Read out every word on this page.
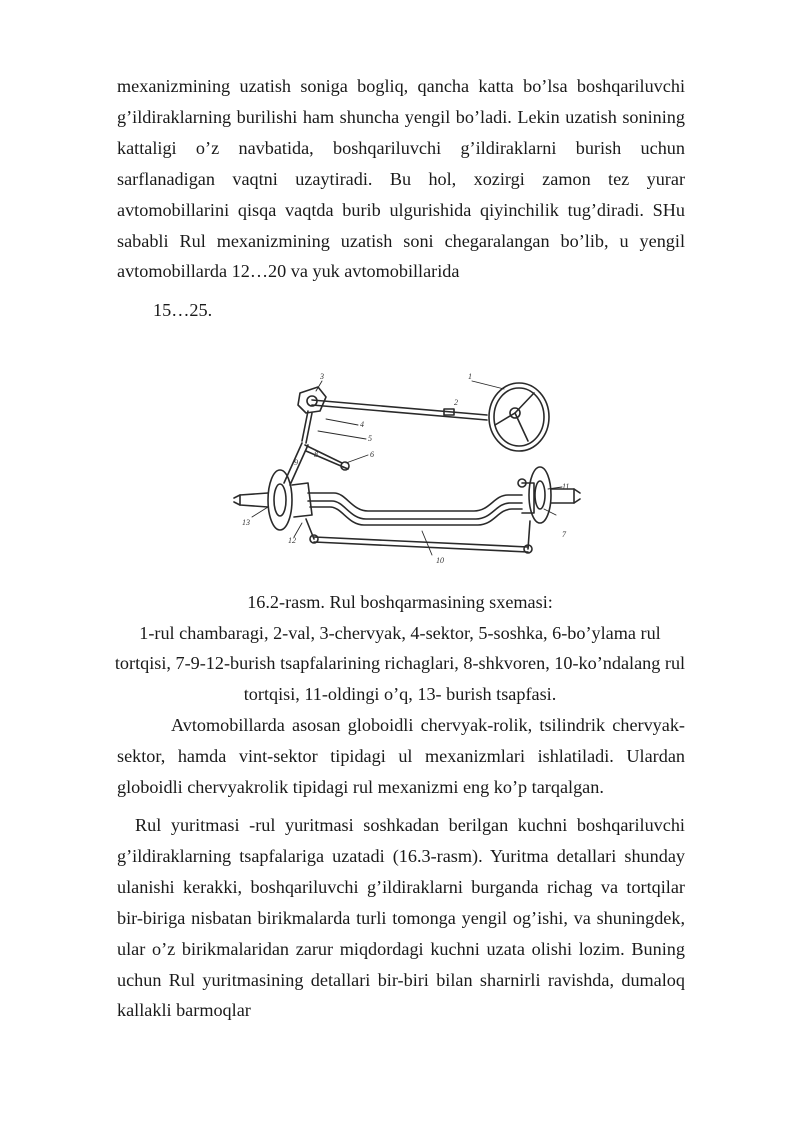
mexanizmining uzatish soniga bogliq, qancha katta bo’lsa boshqariluvchi g’ildiraklarning burilishi ham shuncha yengil bo’ladi. Lekin uzatish sonining kattaligi o’z navbatida, boshqariluvchi g’ildiraklarni burish uchun sarflanadigan vaqtni uzaytiradi. Bu hol, xozirgi zamon tez yurar avtomobillarini qisqa vaqtda burib ulgurishida qiyinchilik tug’diradi. SHu sababli Rul mexanizmining uzatish soni chegaralangan bo’lib, u yengil avtomobillarda 12…20 va yuk avtomobillarida

15…25.
1
2
3
4
5
6
7
8
9
10
11
12
13

16.2-rasm. Rul boshqarmasining sxemasi:

1-rul chambaragi, 2-val, 3-chervyak, 4-sektor, 5-soshka, 6-bo’ylama rul tortqisi, 7-9-12-burish tsapfalarining richaglari, 8-shkvoren, 10-ko’ndalang rul tortqisi, 11-oldingi o’q, 13- burish tsapfasi.

Avtomobillarda asosan globoidli chervyak-rolik, tsilindrik chervyak-sektor, hamda vint-sektor tipidagi ul mexanizmlari ishlatiladi. Ulardan globoidli chervyakrolik tipidagi rul mexanizmi eng ko’p tarqalgan.

Rul yuritmasi -rul yuritmasi soshkadan berilgan kuchni boshqariluvchi g’ildiraklarning tsapfalariga uzatadi (16.3-rasm). Yuritma detallari shunday ulanishi kerakki, boshqariluvchi g’ildiraklarni burganda richag va tortqilar bir-biriga nisbatan birikmalarda turli tomonga yengil og’ishi, va shuningdek, ular o’z birikmalaridan zarur miqdordagi kuchni uzata olishi lozim. Buning uchun Rul yuritmasining detallari bir-biri bilan sharnirli ravishda, dumaloq kallakli barmoqlar
